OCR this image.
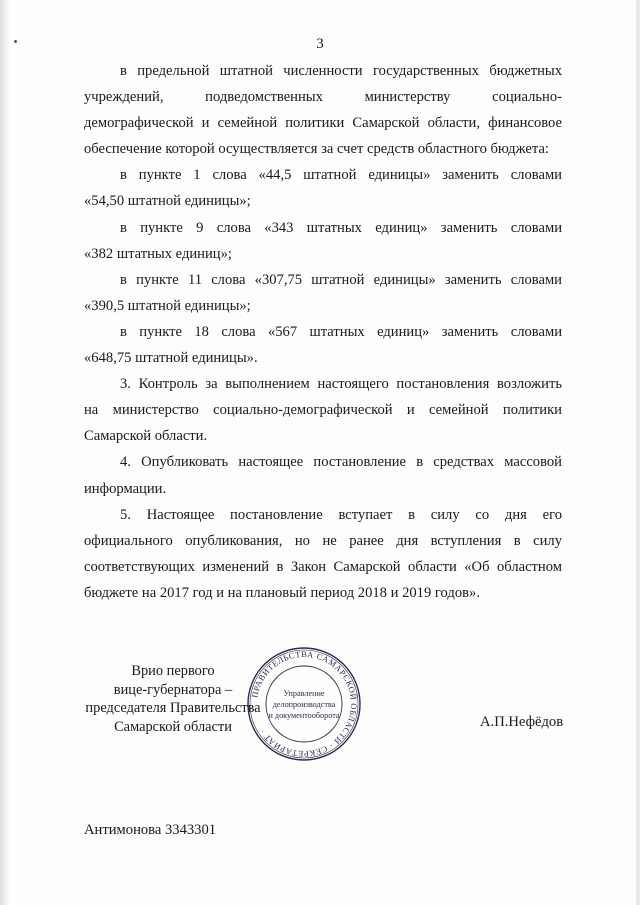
3
в предельной штатной численности государственных бюджетных
учреждений, подведомственных министерству социально-
демографической и семейной политики Самарской области, финансовое
обеспечение которой осуществляется за счет средств областного бюджета:
в пункте 1 слова «44,5 штатной единицы» заменить словами
«54,50 штатной единицы»;
в пункте 9 слова «343 штатных единиц» заменить словами
«382 штатных единиц»;
в пункте 11 слова «307,75 штатной единицы» заменить словами
«390,5 штатной единицы»;
в пункте 18 слова «567 штатных единиц» заменить словами
«648,75 штатной единицы».
3. Контроль за выполнением настоящего постановления возложить
на министерство социально-демографической и семейной политики
Самарской области.
4. Опубликовать настоящее постановление в средствах массовой
информации.
5. Настоящее постановление вступает в силу со дня его
официального опубликования, но не ранее дня вступления в силу
соответствующих изменений в Закон Самарской области «Об областном
бюджете на 2017 год и на плановый период 2018 и 2019 годов».
Врио первого
вице-губернатора –
председателя Правительства
Самарской области
ПРАВИТЕЛЬСТВА САМАРСКОЙ ОБЛАСТИ · СЕКРЕТАРИАТ ·
Управление
делопроизводства
и документооборота	А.П.Нефёдов
Антимонова 3343301
